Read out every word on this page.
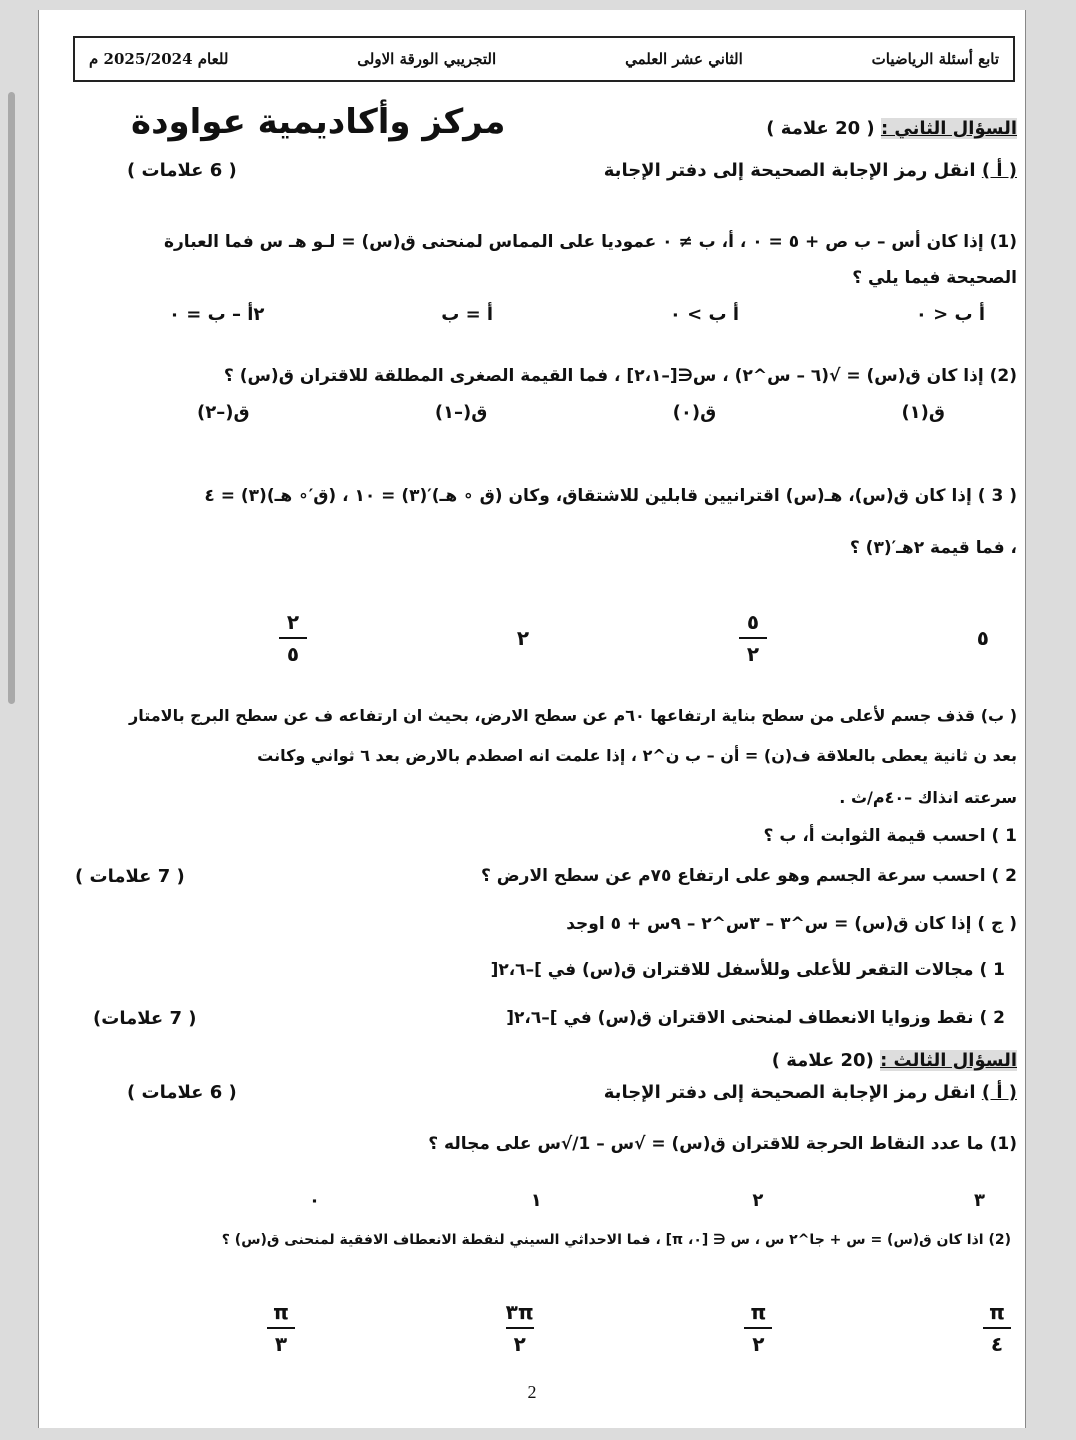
تابع أسئلة الرياضيات
الثاني عشر العلمي
التجريبي الورقة الاولى
للعام 2025/2024 م
السؤال الثاني : ( 20 علامة )
مركز وأكاديمية عواودة
( أ ) انقل رمز الإجابة الصحيحة إلى دفتر الإجابة
( 6 علامات )
(1) إذا كان أس – ب ص + ٥ = ٠ ، أ، ب ≠ ٠ عموديا على المماس لمنحنى ق(س) = لـو هـ س فما العبارة
الصحيحة فيما يلي ؟
أ ب < ٠
أ ب > ٠
أ = ب
٢أ – ب = ٠
(2) إذا كان ق(س) = √(٦ – س^٢) ، س∈[–٢،١] ، فما القيمة الصغرى المطلقة للاقتران ق(س) ؟
ق(١)
ق(٠)
ق(–١)
ق(–٢)
( 3 ) إذا كان ق(س)، هـ(س) اقترانيين قابلين للاشتقاق، وكان (ق ∘ هـ)′(٣) = ١٠ ، (ق′∘ هـ)(٣) = ٤
، فما قيمة ٢هـ′(٣) ؟
٥
$\frac{٥}{٢}$
٢
$\frac{٢}{٥}$
( ب) قذف جسم لأعلى من سطح بناية ارتفاعها ٦٠م عن سطح الارض، بحيث ان ارتفاعه ف عن سطح البرج بالامتار
بعد ن ثانية يعطى بالعلاقة ف(ن) = أن – ب ن^٢ ، إذا علمت انه اصطدم بالارض بعد ٦ ثواني وكانت
سرعته انذاك –٤٠م/ث .
1 ) احسب قيمة الثوابت أ، ب ؟
2 ) احسب سرعة الجسم وهو على ارتفاع ٧٥م عن سطح الارض ؟
( 7 علامات )
( ج ) إذا كان ق(س) = س^٣ – ٣س^٢ – ٩س + ٥ اوجد
1 ) مجالات التقعر للأعلى وللأسفل للاقتران ق(س) في ]–٢،٦[
2 ) نقط وزوايا الانعطاف لمنحنى الاقتران ق(س) في ]–٢،٦[
( 7 علامات)
السؤال الثالث : (20 علامة )
( أ ) انقل رمز الإجابة الصحيحة إلى دفتر الإجابة
( 6 علامات )
(1) ما عدد النقاط الحرجة للاقتران ق(س) = √س – 1/√س على مجاله ؟
٣
٢
١
٠
(2) اذا كان ق(س) = س + جا^٢ س ، س ∈ [٠، π] ، فما الاحداثي السيني لنقطة الانعطاف الافقية لمنحنى ق(س) ؟
$\frac{\pi}{٤}$
$\frac{\pi}{٢}$
$\frac{٣\pi}{٢}$
$\frac{\pi}{٣}$
2
